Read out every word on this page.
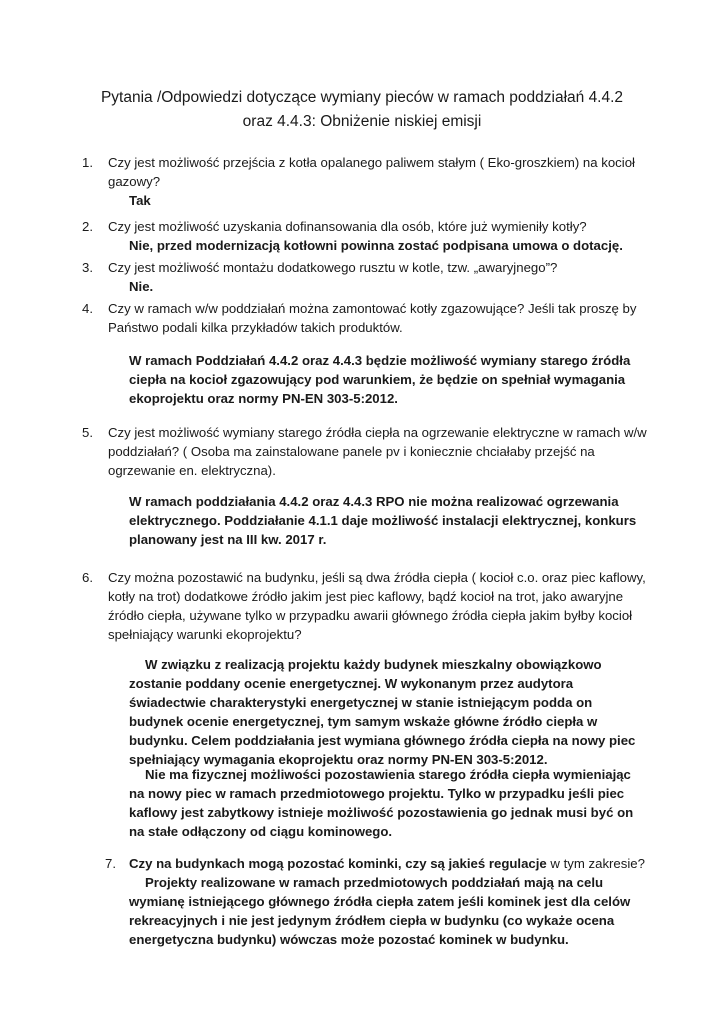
Pytania /Odpowiedzi dotyczące wymiany pieców w ramach poddziałań 4.4.2
oraz 4.4.3: Obniżenie niskiej emisji
1. Czy jest możliwość przejścia z kotła opalanego paliwem stałym ( Eko-groszkiem) na kocioł gazowy?
Tak
2. Czy jest możliwość uzyskania dofinansowania dla osób, które już wymieniły kotły?
Nie, przed modernizacją kotłowni powinna zostać podpisana umowa o dotację.
3. Czy jest możliwość montażu dodatkowego rusztu w kotle, tzw. „awaryjnego”?
Nie.
4. Czy w ramach w/w poddziałań można zamontować kotły zgazowujące? Jeśli tak proszę by Państwo podali kilka przykładów takich produktów.
W ramach Poddziałań 4.4.2 oraz 4.4.3 będzie możliwość wymiany starego źródła ciepła na kocioł zgazowujący pod warunkiem, że będzie on spełniał wymagania ekoprojektu oraz normy PN-EN 303-5:2012.
5. Czy jest możliwość wymiany starego źródła ciepła na ogrzewanie elektryczne w ramach w/w poddziałań? ( Osoba ma zainstalowane panele pv i koniecznie chciałaby przejść na ogrzewanie en. elektryczna).
W ramach poddziałania 4.4.2 oraz 4.4.3 RPO nie można realizować ogrzewania elektrycznego. Poddziałanie 4.1.1 daje możliwość instalacji elektrycznej, konkurs planowany jest na III kw. 2017 r.
6. Czy można pozostawić na budynku, jeśli są dwa źródła ciepła ( kocioł c.o. oraz piec kaflowy, kotły na trot) dodatkowe źródło jakim jest piec kaflowy, bądź kocioł na trot, jako awaryjne źródło ciepła, używane tylko w przypadku awarii głównego źródła ciepła jakim byłby kocioł spełniający warunki ekoprojektu?
W związku z realizacją projektu każdy budynek mieszkalny obowiązkowo zostanie poddany ocenie energetycznej. W wykonanym przez audytora świadectwie charakterystyki energetycznej w stanie istniejącym podda on budynek ocenie energetycznej, tym samym wskaże główne źródło ciepła w budynku. Celem poddziałania jest wymiana głównego źródła ciepła na nowy piec spełniający wymagania ekoprojektu oraz normy PN-EN 303-5:2012.
Nie ma fizycznej możliwości pozostawienia starego źródła ciepła wymieniając na nowy piec w ramach przedmiotowego projektu. Tylko w przypadku jeśli piec kaflowy jest zabytkowy istnieje możliwość pozostawienia go jednak musi być on na stałe odłączony od ciągu kominowego.
7. Czy na budynkach mogą pozostać kominki, czy są jakieś regulacje w tym zakresie?
Projekty realizowane w ramach przedmiotowych poddziałań mają na celu wymianę istniejącego głównego źródła ciepła zatem jeśli kominek jest dla celów rekreacyjnych i nie jest jedynym źródłem ciepła w budynku (co wykaże ocena energetyczna budynku) wówczas może pozostać kominek w budynku.
